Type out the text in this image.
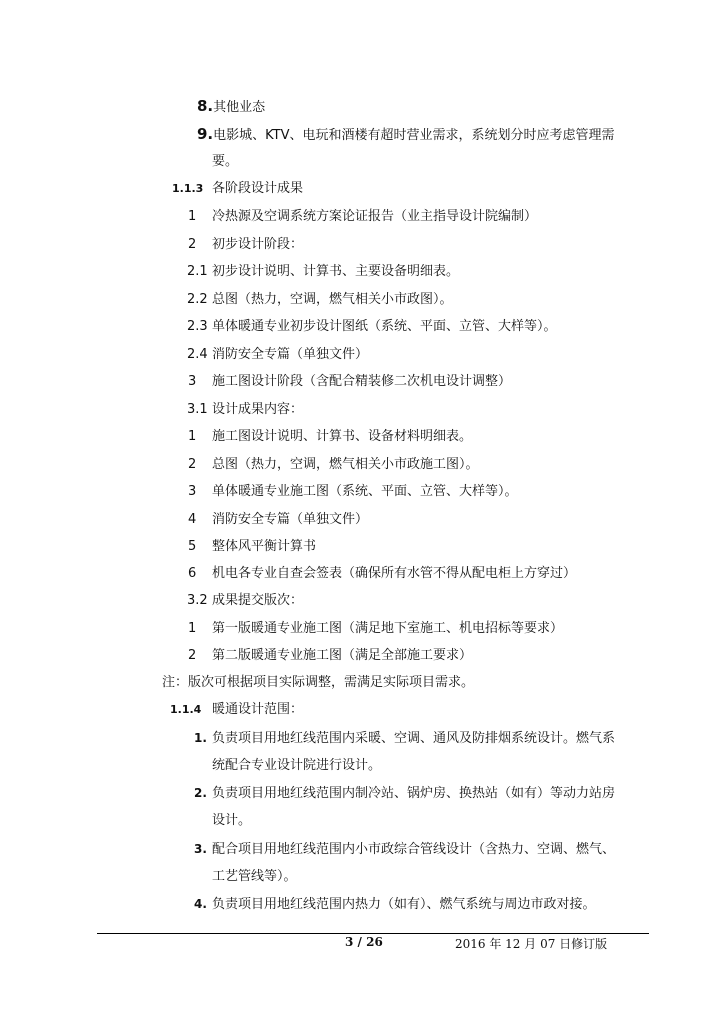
8.其他业态
9.电影城、KTV、电玩和酒楼有超时营业需求，系统划分时应考虑管理需
要。
1.1.3 各阶段设计成果
1 冷热源及空调系统方案论证报告（业主指导设计院编制）
2 初步设计阶段：
2.1 初步设计说明、计算书、主要设备明细表。
2.2 总图（热力，空调，燃气相关小市政图）。
2.3 单体暖通专业初步设计图纸（系统、平面、立管、大样等）。
2.4 消防安全专篇（单独文件）
3 施工图设计阶段（含配合精装修二次机电设计调整）
3.1 设计成果内容：
1 施工图设计说明、计算书、设备材料明细表。
2 总图（热力，空调，燃气相关小市政施工图）。
3 单体暖通专业施工图（系统、平面、立管、大样等）。
4 消防安全专篇（单独文件）
5 整体风平衡计算书
6 机电各专业自查会签表（确保所有水管不得从配电柜上方穿过）
3.2 成果提交版次：
1 第一版暖通专业施工图（满足地下室施工、机电招标等要求）
2 第二版暖通专业施工图（满足全部施工要求）
注：版次可根据项目实际调整，需满足实际项目需求。
1.1.4 暖通设计范围：
1. 负责项目用地红线范围内采暖、空调、通风及防排烟系统设计。燃气系
统配合专业设计院进行设计。
2. 负责项目用地红线范围内制冷站、锅炉房、换热站（如有）等动力站房
设计。
3. 配合项目用地红线范围内小市政综合管线设计（含热力、空调、燃气、
工艺管线等）。
4. 负责项目用地红线范围内热力（如有）、燃气系统与周边市政对接。
3 / 26	2016 年 12 月 07 日修订版
